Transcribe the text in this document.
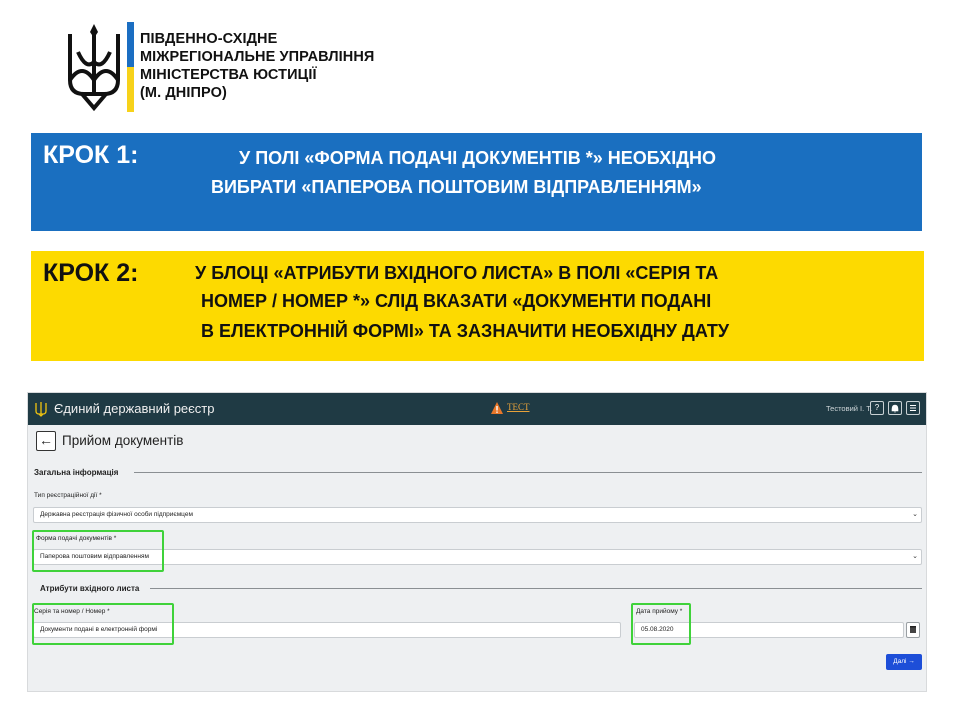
ПІВДЕННО-СХІДНЕ
МІЖРЕГІОНАЛЬНЕ УПРАВЛІННЯ
МІНІСТЕРСТВА ЮСТИЦІЇ
(М. ДНІПРО)
КРОК 1:	У ПОЛІ «ФОРМА ПОДАЧІ ДОКУМЕНТІВ *» НЕОБХІДНО
ВИБРАТИ «ПАПЕРОВА ПОШТОВИМ ВІДПРАВЛЕННЯМ»
КРОК 2:	У БЛОЦІ «АТРИБУТИ ВХІДНОГО ЛИСТА» В ПОЛІ «СЕРІЯ ТА
НОМЕР / НОМЕР *» СЛІД ВКАЗАТИ «ДОКУМЕНТИ ПОДАНІ
В ЕЛЕКТРОННІЙ ФОРМІ» ТА ЗАЗНАЧИТИ НЕОБХІДНУ ДАТУ
Єдиний державний реєстр	ТЕСТ	Тестовий І. Т. ?
← Прийом документів
Загальна інформація
Тип реєстраційної дії *
Державна реєстрація фізичної особи підприємцем	⌄
Форма подачі документів *
Паперова поштовим відправленням	⌄
Атрибути вхідного листа
Серія та номер / Номер *
Документи подані в електронній формі
Дата прийому *
05.08.2020
Далі →
